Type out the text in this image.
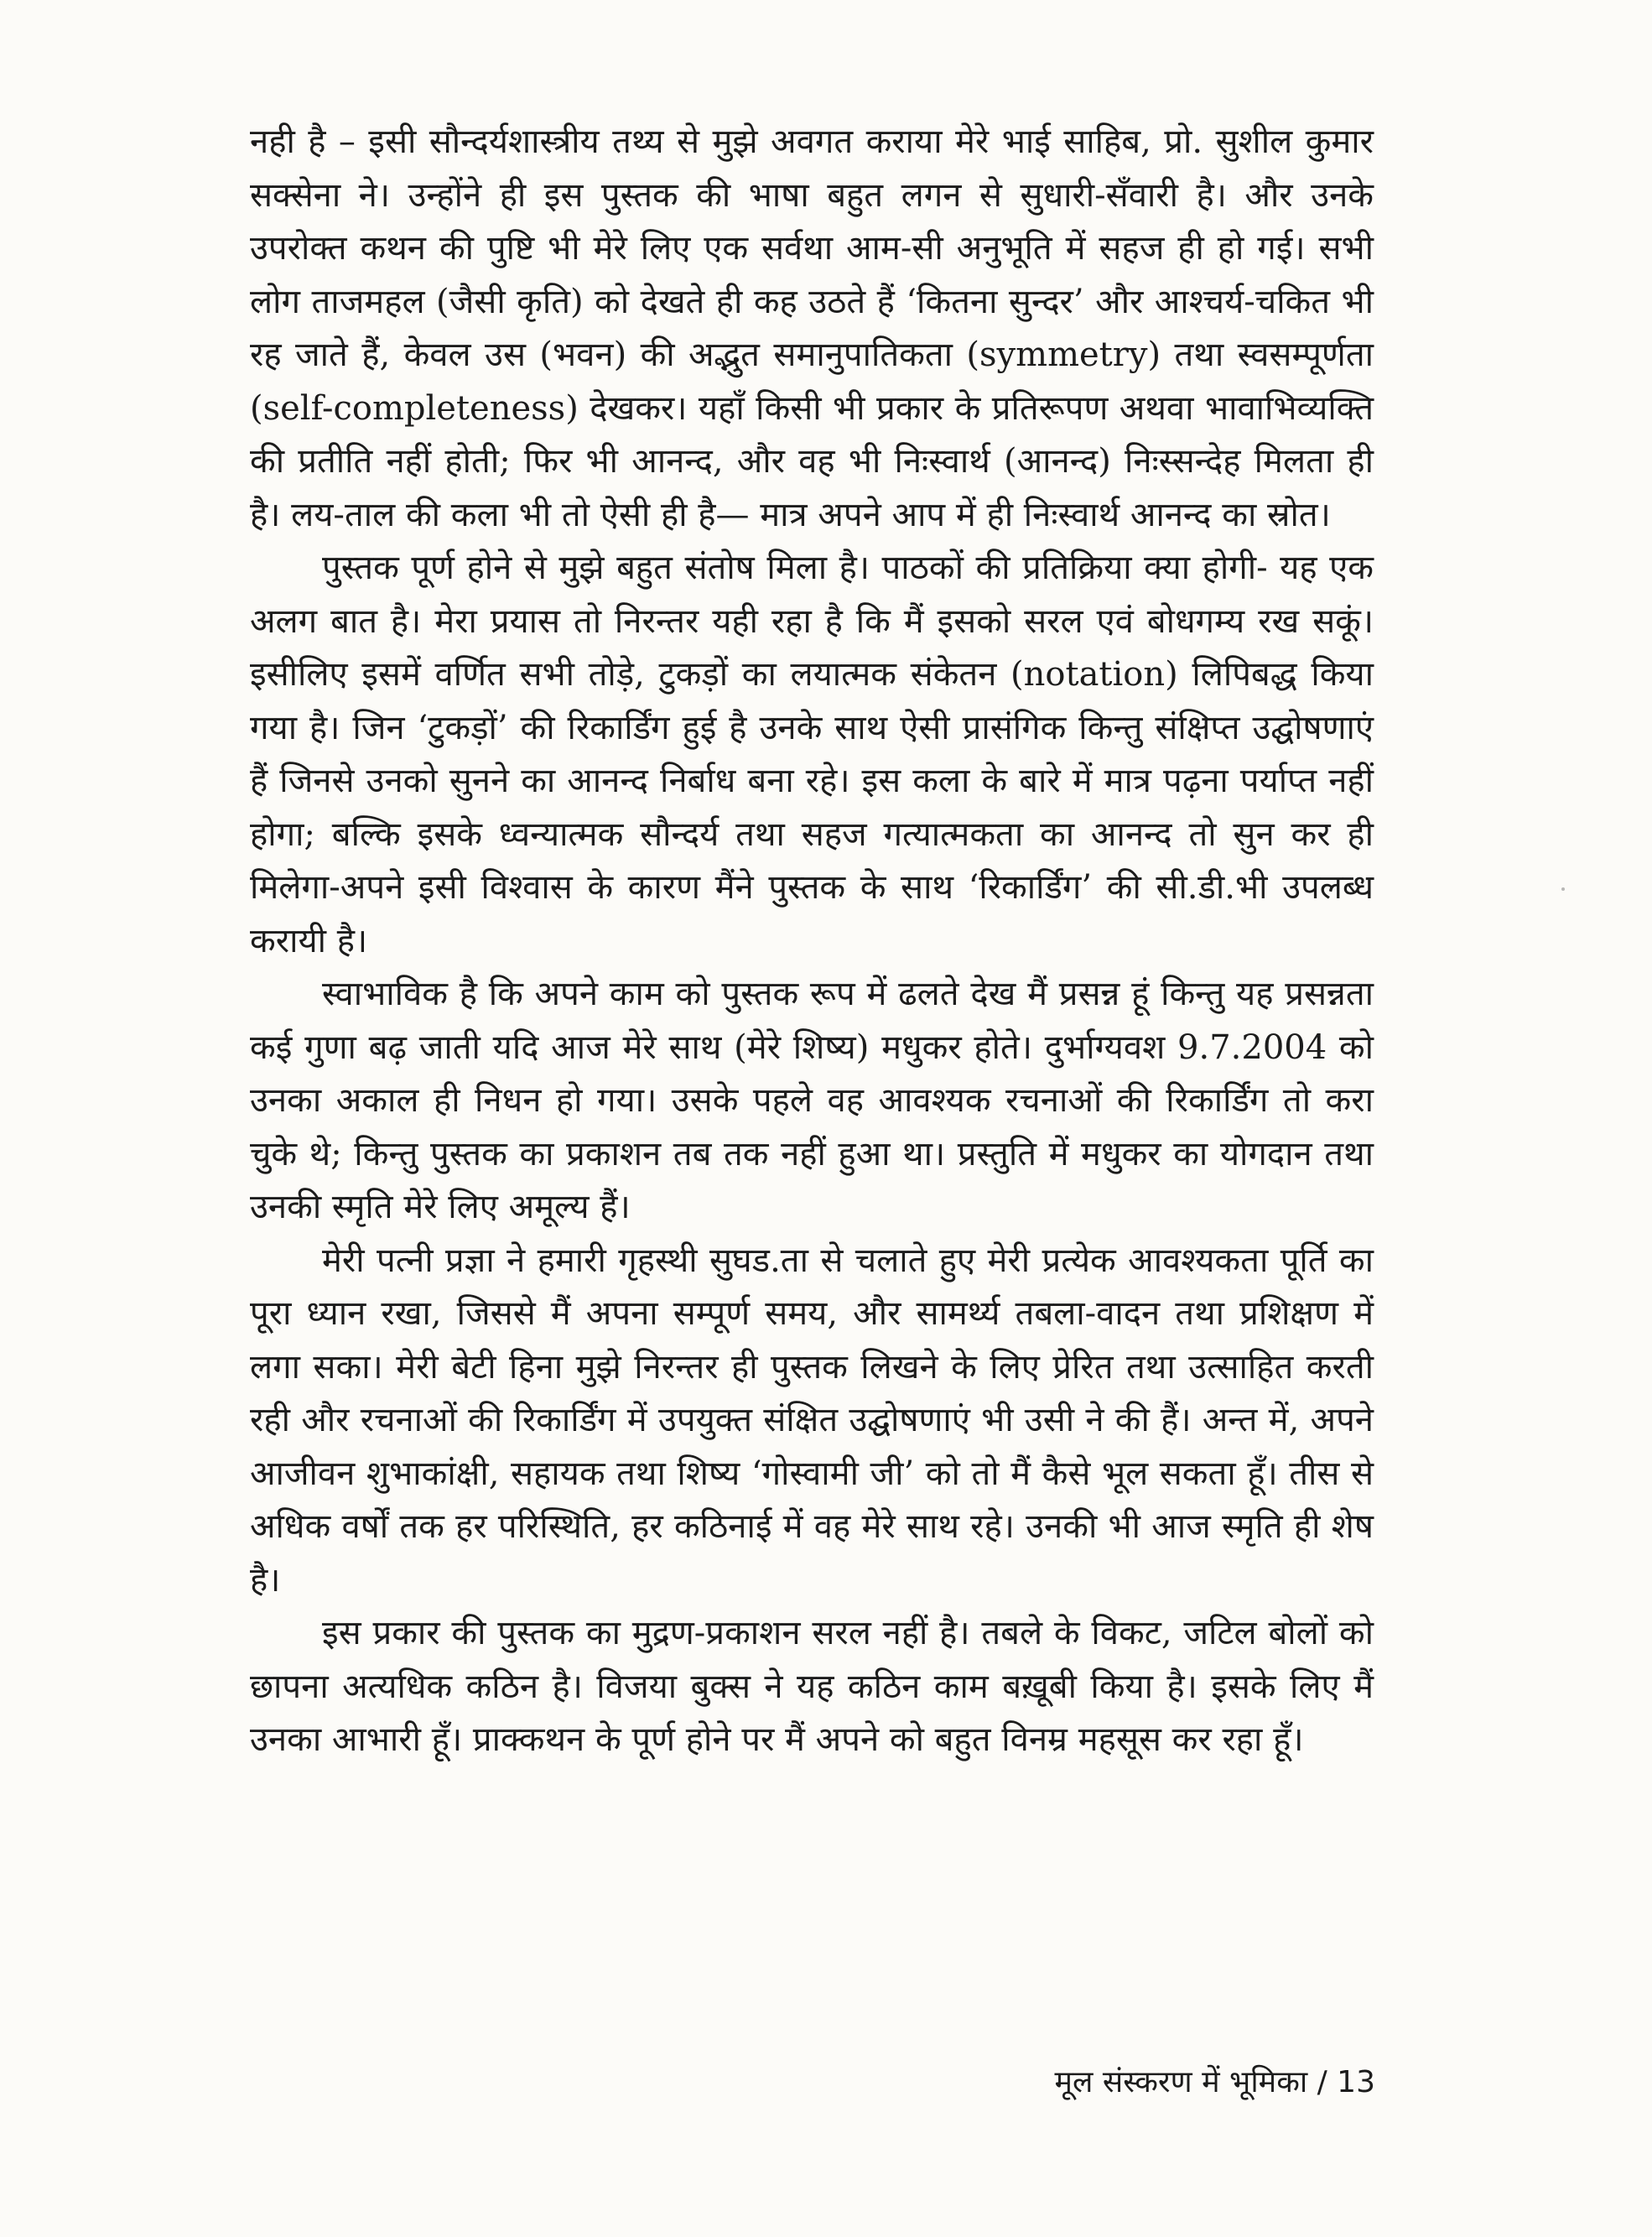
नही है – इसी सौन्दर्यशास्त्रीय तथ्य से मुझे अवगत कराया मेरे भाई साहिब, प्रो. सुशील कुमार सक्सेना ने। उन्होंने ही इस पुस्तक की भाषा बहुत लगन से सुधारी-सँवारी है। और उनके उपरोक्त कथन की पुष्टि भी मेरे लिए एक सर्वथा आम-सी अनुभूति में सहज ही हो गई। सभी लोग ताजमहल (जैसी कृति) को देखते ही कह उठते हैं ‘कितना सुन्दर’ और आश्चर्य-चकित भी रह जाते हैं, केवल उस (भवन) की अद्भुत समानुपातिकता (symmetry) तथा स्वसम्पूर्णता (self-completeness) देखकर। यहाँ किसी भी प्रकार के प्रतिरूपण अथवा भावाभिव्यक्ति की प्रतीति नहीं होती; फिर भी आनन्द, और वह भी निःस्वार्थ (आनन्द) निःस्सन्देह मिलता ही है। लय-ताल की कला भी तो ऐसी ही है— मात्र अपने आप में ही निःस्वार्थ आनन्द का स्रोत।

पुस्तक पूर्ण होने से मुझे बहुत संतोष मिला है। पाठकों की प्रतिक्रिया क्या होगी- यह एक अलग बात है। मेरा प्रयास तो निरन्तर यही रहा है कि मैं इसको सरल एवं बोधगम्य रख सकूं। इसीलिए इसमें वर्णित सभी तोड़े, टुकड़ों का लयात्मक संकेतन (notation) लिपिबद्ध किया गया है। जिन ‘टुकड़ों’ की रिकार्डिंग हुई है उनके साथ ऐसी प्रासंगिक किन्तु संक्षिप्त उद्घोषणाएं हैं जिनसे उनको सुनने का आनन्द निर्बाध बना रहे। इस कला के बारे में मात्र पढ़ना पर्याप्त नहीं होगा; बल्कि इसके ध्वन्यात्मक सौन्दर्य तथा सहज गत्यात्मकता का आनन्द तो सुन कर ही मिलेगा-अपने इसी विश्वास के कारण मैंने पुस्तक के साथ ‘रिकार्डिंग’ की सी.डी.भी उपलब्ध करायी है।

स्वाभाविक है कि अपने काम को पुस्तक रूप में ढलते देख मैं प्रसन्न हूं किन्तु यह प्रसन्नता कई गुणा बढ़ जाती यदि आज मेरे साथ (मेरे शिष्य) मधुकर होते। दुर्भाग्यवश 9.7.2004 को उनका अकाल ही निधन हो गया। उसके पहले वह आवश्यक रचनाओं की रिकार्डिंग तो करा चुके थे; किन्तु पुस्तक का प्रकाशन तब तक नहीं हुआ था। प्रस्तुति में मधुकर का योगदान तथा उनकी स्मृति मेरे लिए अमूल्य हैं।

मेरी पत्नी प्रज्ञा ने हमारी गृहस्थी सुघड.ता से चलाते हुए मेरी प्रत्येक आवश्यकता पूर्ति का पूरा ध्यान रखा, जिससे मैं अपना सम्पूर्ण समय, और सामर्थ्य तबला-वादन तथा प्रशिक्षण में लगा सका। मेरी बेटी हिना मुझे निरन्तर ही पुस्तक लिखने के लिए प्रेरित तथा उत्साहित करती रही और रचनाओं की रिकार्डिंग में उपयुक्त संक्षित उद्घोषणाएं भी उसी ने की हैं। अन्त में, अपने आजीवन शुभाकांक्षी, सहायक तथा शिष्य ‘गोस्वामी जी’ को तो मैं कैसे भूल सकता हूँ। तीस से अधिक वर्षों तक हर परिस्थिति, हर कठिनाई में वह मेरे साथ रहे। उनकी भी आज स्मृति ही शेष है।

इस प्रकार की पुस्तक का मुद्रण-प्रकाशन सरल नहीं है। तबले के विकट, जटिल बोलों को छापना अत्यधिक कठिन है। विजया बुक्स ने यह कठिन काम बख़ूबी किया है। इसके लिए मैं उनका आभारी हूँ। प्राक्कथन के पूर्ण होने पर मैं अपने को बहुत विनम्र महसूस कर रहा हूँ।

मूल संस्करण में भूमिका / 13
